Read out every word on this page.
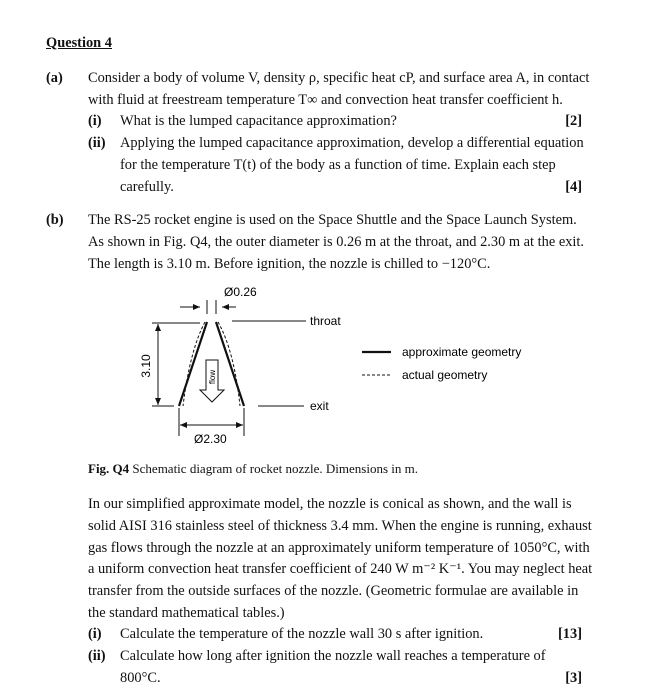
Question 4
(a) Consider a body of volume V, density ρ, specific heat cP, and surface area A, in contact
with fluid at freestream temperature T∞ and convection heat transfer coefficient h.
(i) What is the lumped capacitance approximation?	[2]
(ii) Applying the lumped capacitance approximation, develop a differential equation
for the temperature T(t) of the body as a function of time. Explain each step
carefully.	[4]
(b) The RS-25 rocket engine is used on the Space Shuttle and the Space Launch System.
As shown in Fig. Q4, the outer diameter is 0.26 m at the throat, and 2.30 m at the exit.
The length is 3.10 m. Before ignition, the nozzle is chilled to −120°C.
Ø0.26
throat
3.10	flow
exit
Ø2.30
approximate geometry
actual geometry
Fig. Q4 Schematic diagram of rocket nozzle. Dimensions in m.
In our simplified approximate model, the nozzle is conical as shown, and the wall is
solid AISI 316 stainless steel of thickness 3.4 mm. When the engine is running, exhaust
gas flows through the nozzle at an approximately uniform temperature of 1050°C, with
a uniform convection heat transfer coefficient of 240 W m⁻² K⁻¹. You may neglect heat
transfer from the outside surfaces of the nozzle. (Geometric formulae are available in
the standard mathematical tables.)
(i) Calculate the temperature of the nozzle wall 30 s after ignition.	[13]
(ii) Calculate how long after ignition the nozzle wall reaches a temperature of
800°C.	[3]
